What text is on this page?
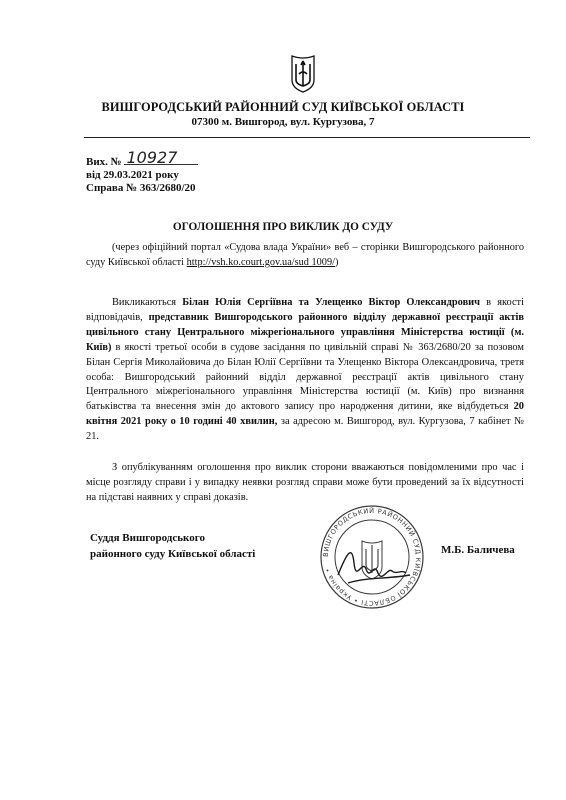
ВИШГОРОДСЬКИЙ РАЙОННИЙ СУД КИЇВСЬКОЇ ОБЛАСТІ
07300 м. Вишгород, вул. Кургузова, 7
Вих. № 10927
від 29.03.2021 року
Справа № 363/2680/20
ОГОЛОШЕННЯ ПРО ВИКЛИК ДО СУДУ
(через офіційний портал «Судова влада України» веб – сторінки Вишгородського районного суду Київської області http://vsh.ko.court.gov.ua/sud 1009/)
Викликаються Білан Юлія Сергіївна та Улещенко Віктор Олександрович в якості відповідачів, представник Вишгородського районного відділу державної реєстрації актів цивільного стану Центрального міжрегіонального управління Міністерства юстиції (м. Київ) в якості третьої особи в судове засідання по цивільній справі № 363/2680/20 за позовом Білан Сергія Миколайовича до Білан Юлії Сергіївни та Улещенко Віктора Олександровича, третя особа: Вишгородський районний відділ державної реєстрації актів цивільного стану Центрального міжрегіонального управління Міністерства юстиції (м. Київ) про визнання батьківства та внесення змін до актового запису про народження дитини, яке відбудеться 20 квітня 2021 року о 10 годині 40 хвилин, за адресою м. Вишгород, вул. Кургузова, 7 кабінет № 21.
З опублікуванням оголошення про виклик сторони вважаються повідомленими про час і місце розгляду справи і у випадку неявки розгляд справи може бути проведений за їх відсутності на підставі наявних у справі доказів.
Суддя Вишгородського
районного суду Київської області	ВИШГОРОДСЬКИЙ РАЙОННИЙ СУД КИЇВСЬКОЇ ОБЛАСТІ • Україна •
М.Б. Баличева
